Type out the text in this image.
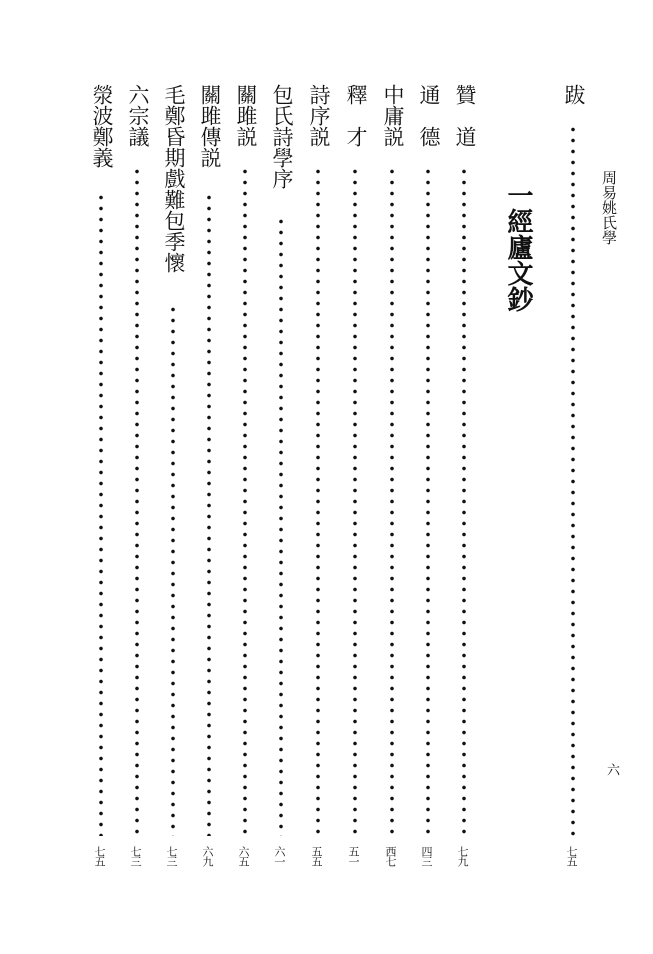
周易姚氏學
六
跋
七五
一經廬文鈔
贊　道
七九
通　德
四三
中庸説
西七
釋　才
五一
詩序説
五五
包氏詩學序
六一
關雎説
六五
關雎傳説
六九
毛鄭昏期戲難包季懷
七三
六宗議
七三
滎波鄭義
七五
